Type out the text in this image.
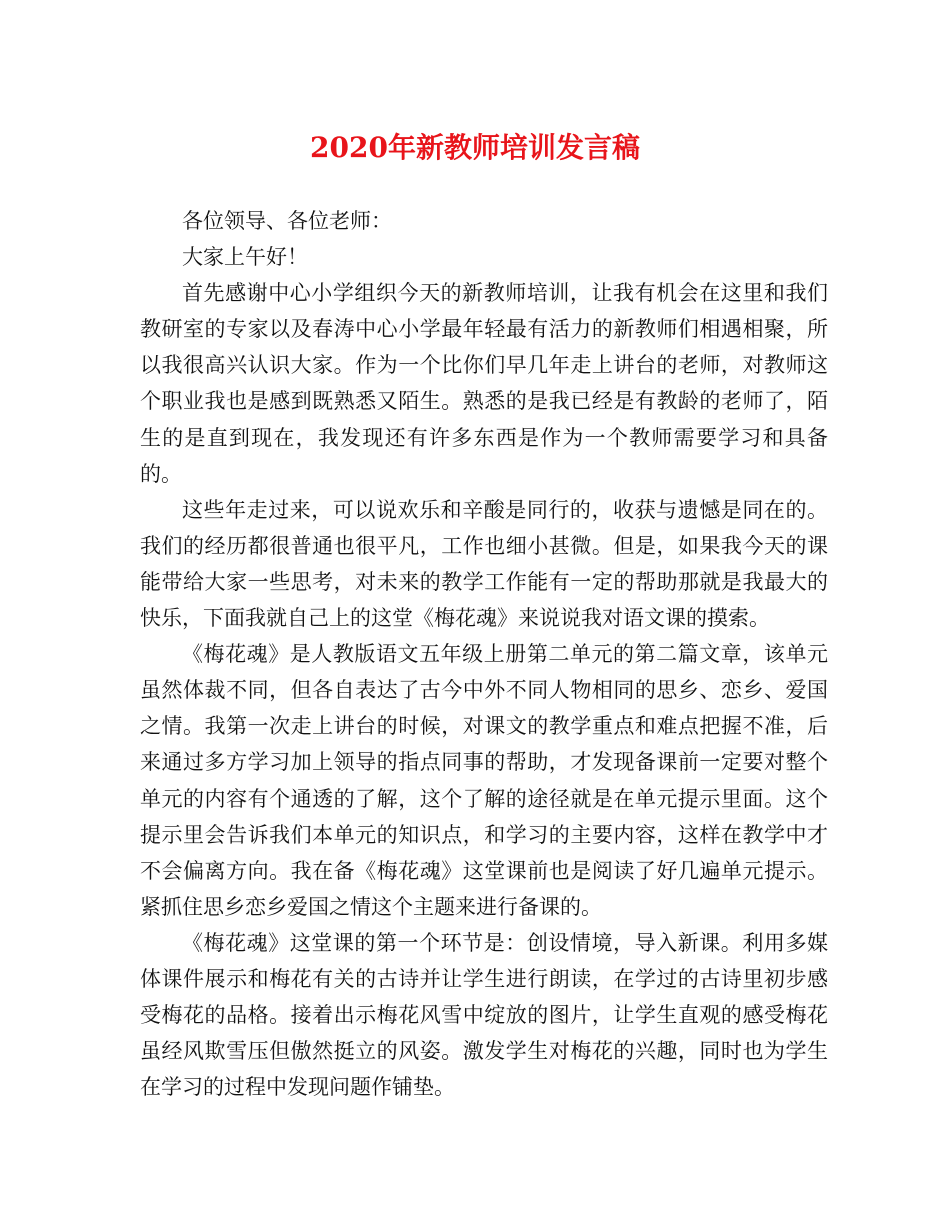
2020年新教师培训发言稿

各位领导、各位老师：

大家上午好！

首先感谢中心小学组织今天的新教师培训，让我有机会在这里和我们教研室的专家以及春涛中心小学最年轻最有活力的新教师们相遇相聚，所以我很高兴认识大家。作为一个比你们早几年走上讲台的老师，对教师这个职业我也是感到既熟悉又陌生。熟悉的是我已经是有教龄的老师了，陌生的是直到现在，我发现还有许多东西是作为一个教师需要学习和具备的。

这些年走过来，可以说欢乐和辛酸是同行的，收获与遗憾是同在的。我们的经历都很普通也很平凡，工作也细小甚微。但是，如果我今天的课能带给大家一些思考，对未来的教学工作能有一定的帮助那就是我最大的快乐，下面我就自己上的这堂《梅花魂》来说说我对语文课的摸索。

《梅花魂》是人教版语文五年级上册第二单元的第二篇文章，该单元虽然体裁不同，但各自表达了古今中外不同人物相同的思乡、恋乡、爱国之情。我第一次走上讲台的时候，对课文的教学重点和难点把握不准，后来通过多方学习加上领导的指点同事的帮助，才发现备课前一定要对整个单元的内容有个通透的了解，这个了解的途径就是在单元提示里面。这个提示里会告诉我们本单元的知识点，和学习的主要内容，这样在教学中才不会偏离方向。我在备《梅花魂》这堂课前也是阅读了好几遍单元提示。紧抓住思乡恋乡爱国之情这个主题来进行备课的。

《梅花魂》这堂课的第一个环节是：创设情境，导入新课。利用多媒体课件展示和梅花有关的古诗并让学生进行朗读，在学过的古诗里初步感受梅花的品格。接着出示梅花风雪中绽放的图片，让学生直观的感受梅花虽经风欺雪压但傲然挺立的风姿。激发学生对梅花的兴趣，同时也为学生在学习的过程中发现问题作铺垫。
